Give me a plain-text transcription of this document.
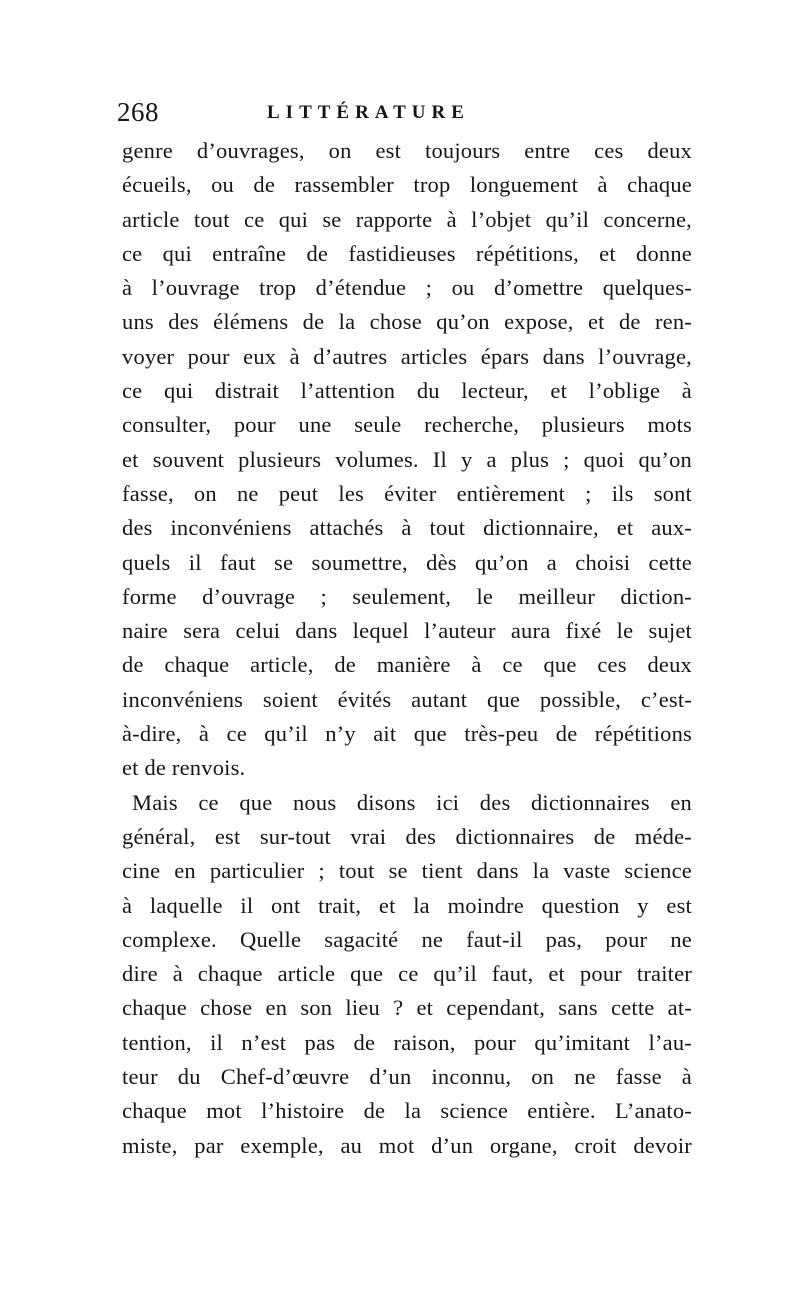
268	LITTÉRATURE
genre d’ouvrages, on est toujours entre ces deux
écueils, ou de rassembler trop longuement à chaque
article tout ce qui se rapporte à l’objet qu’il concerne,
ce qui entraîne de fastidieuses répétitions, et donne
à l’ouvrage trop d’étendue ; ou d’omettre quelques-
uns des élémens de la chose qu’on expose, et de ren-
voyer pour eux à d’autres articles épars dans l’ouvrage,
ce qui distrait l’attention du lecteur, et l’oblige à
consulter, pour une seule recherche, plusieurs mots
et souvent plusieurs volumes. Il y a plus ; quoi qu’on
fasse, on ne peut les éviter entièrement ; ils sont
des inconvéniens attachés à tout dictionnaire, et aux-
quels il faut se soumettre, dès qu’on a choisi cette
forme d’ouvrage ; seulement, le meilleur diction-
naire sera celui dans lequel l’auteur aura fixé le sujet
de chaque article, de manière à ce que ces deux
inconvéniens soient évités autant que possible, c’est-
à-dire, à ce qu’il n’y ait que très-peu de répétitions
et de renvois.
Mais ce que nous disons ici des dictionnaires en
général, est sur-tout vrai des dictionnaires de méde-
cine en particulier ; tout se tient dans la vaste science
à laquelle il ont trait, et la moindre question y est
complexe. Quelle sagacité ne faut-il pas, pour ne
dire à chaque article que ce qu’il faut, et pour traiter
chaque chose en son lieu ? et cependant, sans cette at-
tention, il n’est pas de raison, pour qu’imitant l’au-
teur du Chef-d’œuvre d’un inconnu, on ne fasse à
chaque mot l’histoire de la science entière. L’anato-
miste, par exemple, au mot d’un organe, croit devoir
